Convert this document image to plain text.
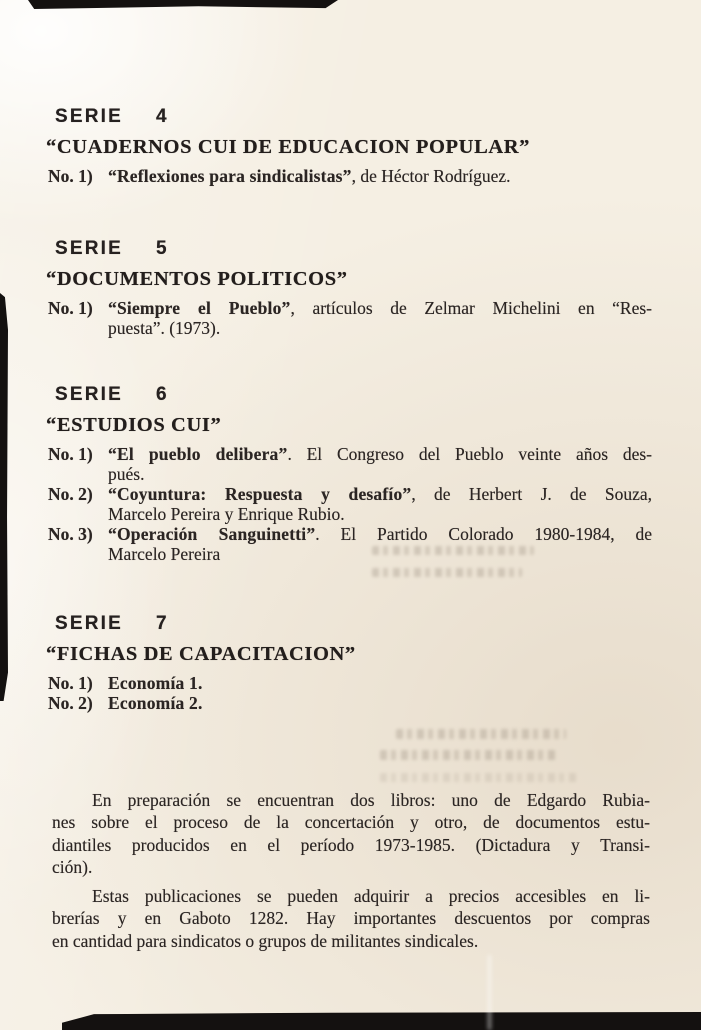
SERIE 4
“CUADERNOS CUI DE EDUCACION POPULAR”
No. 1) “Reflexiones para sindicalistas”, de Héctor Rodríguez.
SERIE 5
“DOCUMENTOS POLITICOS”
No. 1) “Siempre el Pueblo”, artículos de Zelmar Michelini en “Res-
puesta”. (1973).
SERIE 6
“ESTUDIOS CUI”
No. 1) “El pueblo delibera”. El Congreso del Pueblo veinte años des-
pués.
No. 2) “Coyuntura: Respuesta y desafío”, de Herbert J. de Souza,
Marcelo Pereira y Enrique Rubio.
No. 3) “Operación Sanguinetti”. El Partido Colorado 1980-1984, de
Marcelo Pereira
SERIE 7
“FICHAS DE CAPACITACION”
No. 1) Economía 1.
No. 2) Economía 2.
En preparación se encuentran dos libros: uno de Edgardo Rubia-
nes sobre el proceso de la concertación y otro, de documentos estu-
diantiles producidos en el período 1973-1985. (Dictadura y Transi-
ción).
Estas publicaciones se pueden adquirir a precios accesibles en li-
brerías y en Gaboto 1282. Hay importantes descuentos por compras
en cantidad para sindicatos o grupos de militantes sindicales.
